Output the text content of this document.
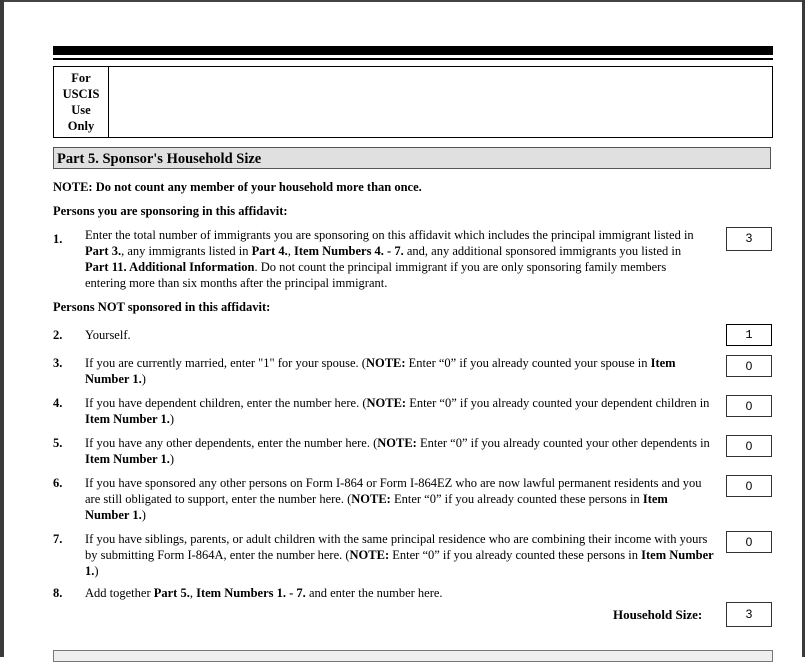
For
USCIS
Use
Only
Part 5. Sponsor's Household Size
NOTE: Do not count any member of your household more than once.
Persons you are sponsoring in this affidavit:
1. Enter the total number of immigrants you are sponsoring on this affidavit which includes the principal immigrant listed in Part 3., any immigrants listed in Part 4., Item Numbers 4. - 7. and, any additional sponsored immigrants you listed in Part 11. Additional Information. Do not count the principal immigrant if you are only sponsoring family members entering more than six months after the principal immigrant.
3
Persons NOT sponsored in this affidavit:
2. Yourself.	1
3. If you are currently married, enter "1" for your spouse. (NOTE: Enter “0” if you already counted your spouse in Item Number 1.)
0
4. If you have dependent children, enter the number here. (NOTE: Enter “0” if you already counted your dependent children in Item Number 1.)
0
5. If you have any other dependents, enter the number here. (NOTE: Enter “0” if you already counted your other dependents in Item Number 1.)
0
6. If you have sponsored any other persons on Form I-864 or Form I-864EZ who are now lawful permanent residents and you are still obligated to support, enter the number here. (NOTE: Enter “0” if you already counted these persons in Item Number 1.)
0
7. If you have siblings, parents, or adult children with the same principal residence who are combining their income with yours by submitting Form I-864A, enter the number here. (NOTE: Enter “0” if you already counted these persons in Item Number 1.)
0
8. Add together Part 5., Item Numbers 1. - 7. and enter the number here.
Household Size:	3
